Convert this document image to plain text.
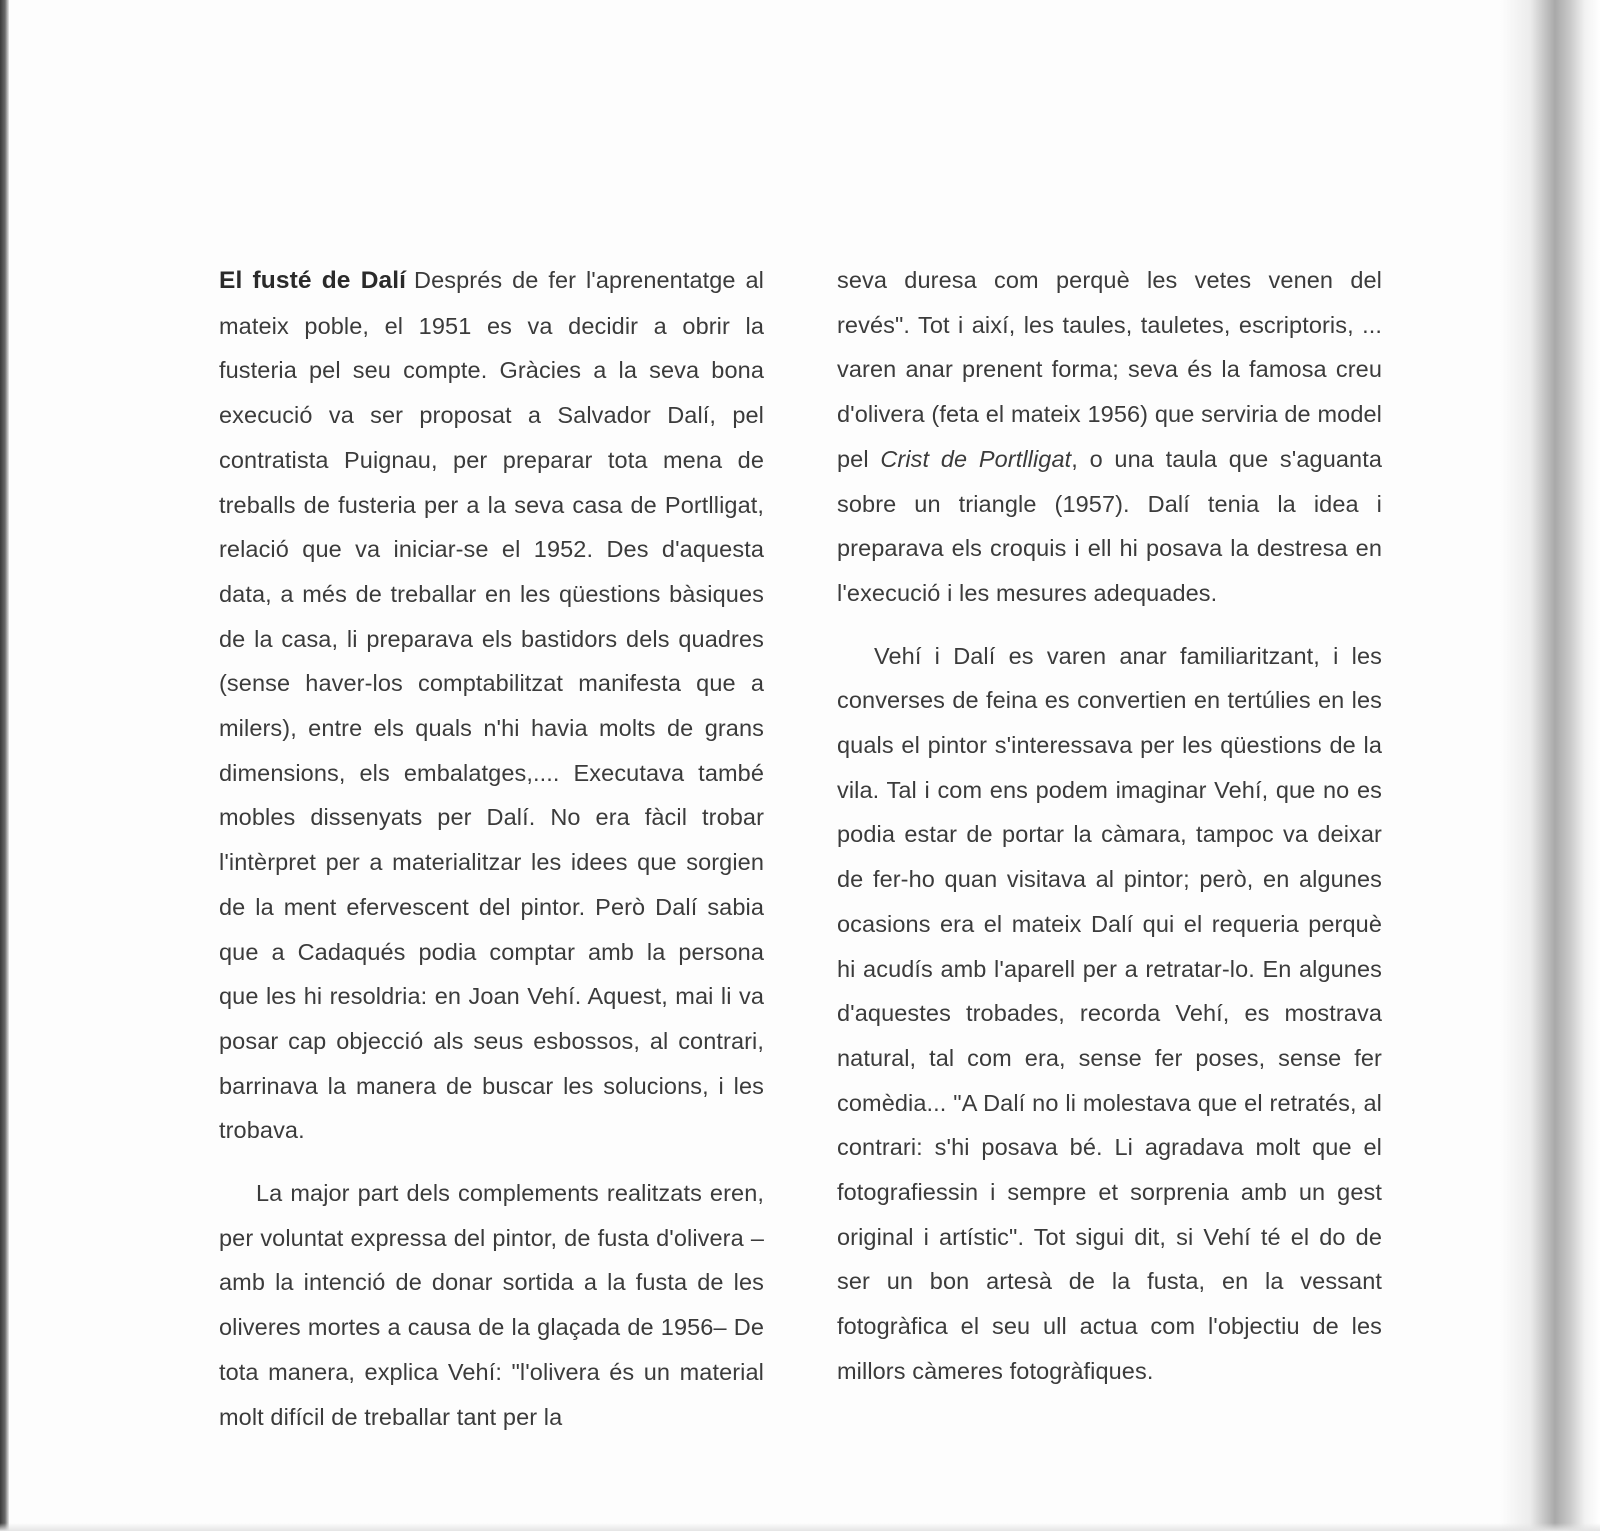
El fusté de Dalí Després de fer l'aprenentatge al mateix poble, el 1951 es va decidir a obrir la fusteria pel seu compte. Gràcies a la seva bona execució va ser proposat a Salvador Dalí, pel contratista Puignau, per preparar tota mena de treballs de fusteria per a la seva casa de Portlligat, relació que va iniciar-se el 1952. Des d'aquesta data, a més de treballar en les qüestions bàsiques de la casa, li preparava els bastidors dels quadres (sense haver-los comptabilitzat manifesta que a milers), entre els quals n'hi havia molts de grans dimensions, els embalatges,.... Executava també mobles dissenyats per Dalí. No era fàcil trobar l'intèrpret per a materialitzar les idees que sorgien de la ment efervescent del pintor. Però Dalí sabia que a Cadaqués podia comptar amb la persona que les hi resoldria: en Joan Vehí. Aquest, mai li va posar cap objecció als seus esbossos, al contrari, barrinava la manera de buscar les solucions, i les trobava.

La major part dels complements realitzats eren, per voluntat expressa del pintor, de fusta d'olivera –amb la intenció de donar sortida a la fusta de les oliveres mortes a causa de la glaçada de 1956– De tota manera, explica Vehí: "l'olivera és un material molt difícil de treballar tant per la

seva duresa com perquè les vetes venen del revés". Tot i així, les taules, tauletes, escriptoris, ... varen anar prenent forma; seva és la famosa creu d'olivera (feta el mateix 1956) que serviria de model pel Crist de Portlligat, o una taula que s'aguanta sobre un triangle (1957). Dalí tenia la idea i preparava els croquis i ell hi posava la destresa en l'execució i les mesures adequades.

Vehí i Dalí es varen anar familiaritzant, i les converses de feina es convertien en tertúlies en les quals el pintor s'interessava per les qüestions de la vila. Tal i com ens podem imaginar Vehí, que no es podia estar de portar la càmara, tampoc va deixar de fer-ho quan visitava al pintor; però, en algunes ocasions era el mateix Dalí qui el requeria perquè hi acudís amb l'aparell per a retratar-lo. En algunes d'aquestes trobades, recorda Vehí, es mostrava natural, tal com era, sense fer poses, sense fer comèdia... "A Dalí no li molestava que el retratés, al contrari: s'hi posava bé. Li agradava molt que el fotografiessin i sempre et sorprenia amb un gest original i artístic". Tot sigui dit, si Vehí té el do de ser un bon artesà de la fusta, en la vessant fotogràfica el seu ull actua com l'objectiu de les millors càmeres fotogràfiques.
